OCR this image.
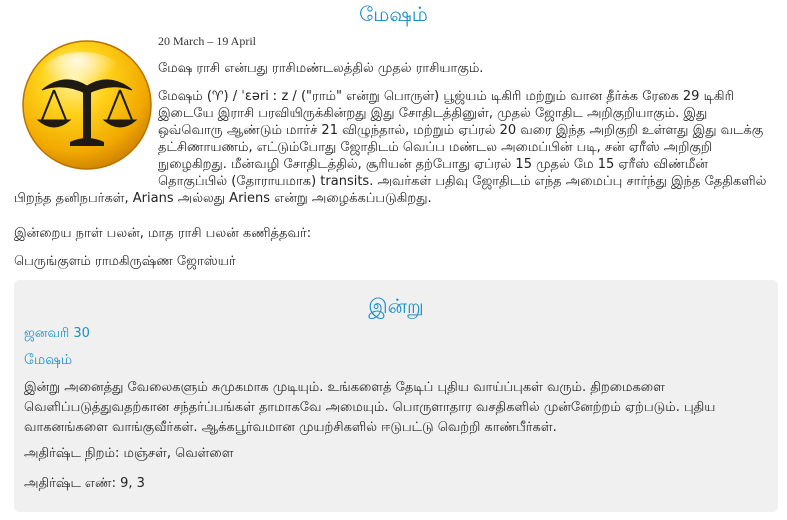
மேஷம்
20 March – 19 April

மேஷ ராசி என்பது ராசிமண்டலத்தில் முதல் ராசியாகும்.

மேஷம் (♈) / ˈɛəri ː z / ("ராம்" என்று பொருள்) பூஜ்யம் டிகிரி மற்றும் வான தீர்க்க ரேகை 29 டிகிரி இடையே இராசி பரவியிருக்கின்றது இது சோதிடத்தினுள், முதல் ஜோதிட அறிகுறியாகும். இது ஒவ்வொரு ஆண்டும் மார்ச் 21 விழுந்தால், மற்றும் ஏப்ரல் 20 வரை இந்த அறிகுறி உள்ளது இது வடக்கு தட்சிணாயணம், எட்டும்போது ஜோதிடம் வெப்ப மண்டல அமைப்பின் படி, சன் ஏரீஸ் அறிகுறி நுழைகிறது. மீன்வழி சோதிடத்தில், சூரியன் தற்போது ஏப்ரல் 15 முதல் மே 15 ஏரீஸ் விண்மீன் தொகுப்பில் (தோராயமாக) transits. அவர்கள் பதிவு ஜோதிடம் எந்த அமைப்பு சார்ந்து இந்த தேதிகளில் பிறந்த தனிநபர்கள், Arians அல்லது Ariens என்று அழைக்கப்படுகிறது.

இன்றைய நாள் பலன், மாத ராசி பலன் கணித்தவர்:
பெருங்குளம் ராமகிருஷ்ண ஜோஸ்யர்
இன்று
ஜனவரி 30
மேஷம்
இன்று அனைத்து வேலைகளும் சுமுகமாக முடியும். உங்களைத் தேடிப் புதிய வாய்ப்புகள் வரும். திறமைகளை வெளிப்படுத்துவதற்கான சந்தர்ப்பங்கள் தாமாகவே அமையும். பொருளாதார வசதிகளில் முன்னேற்றம் ஏற்படும். புதிய வாகனங்களை வாங்குவீர்கள். ஆக்கபூர்வமான முயற்சிகளில் ஈடுபட்டு வெற்றி காண்பீர்கள்.
அதிர்ஷ்ட நிறம்: மஞ்சள், வெள்ளை
அதிர்ஷ்ட எண்: 9, 3
